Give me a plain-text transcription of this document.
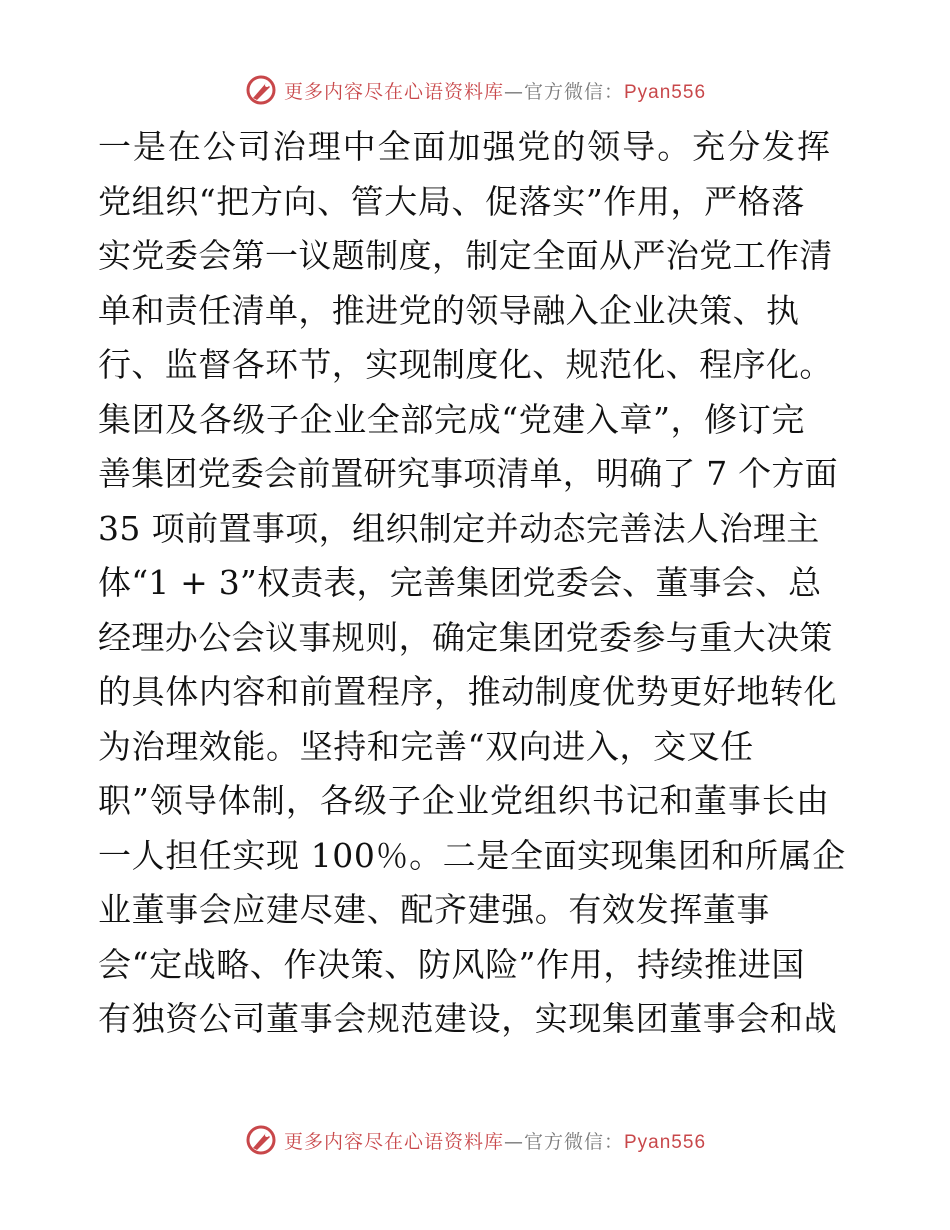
更多内容尽在心语资料库—官方微信：Pyan556
一是在公司治理中全面加强党的领导。充分发挥
党组织“把方向、管大局、促落实”作用，严格落
实党委会第一议题制度，制定全面从严治党工作清
单和责任清单，推进党的领导融入企业决策、执
行、监督各环节，实现制度化、规范化、程序化。
集团及各级子企业全部完成“党建入章”，修订完
善集团党委会前置研究事项清单，明确了 7 个方面
35 项前置事项，组织制定并动态完善法人治理主
体“1 + 3”权责表，完善集团党委会、董事会、总
经理办公会议事规则，确定集团党委参与重大决策
的具体内容和前置程序，推动制度优势更好地转化
为治理效能。坚持和完善“双向进入，交叉任
职”领导体制，各级子企业党组织书记和董事长由
一人担任实现 100％。二是全面实现集团和所属企
业董事会应建尽建、配齐建强。有效发挥董事
会“定战略、作决策、防风险”作用，持续推进国
有独资公司董事会规范建设，实现集团董事会和战
更多内容尽在心语资料库—官方微信：Pyan556
